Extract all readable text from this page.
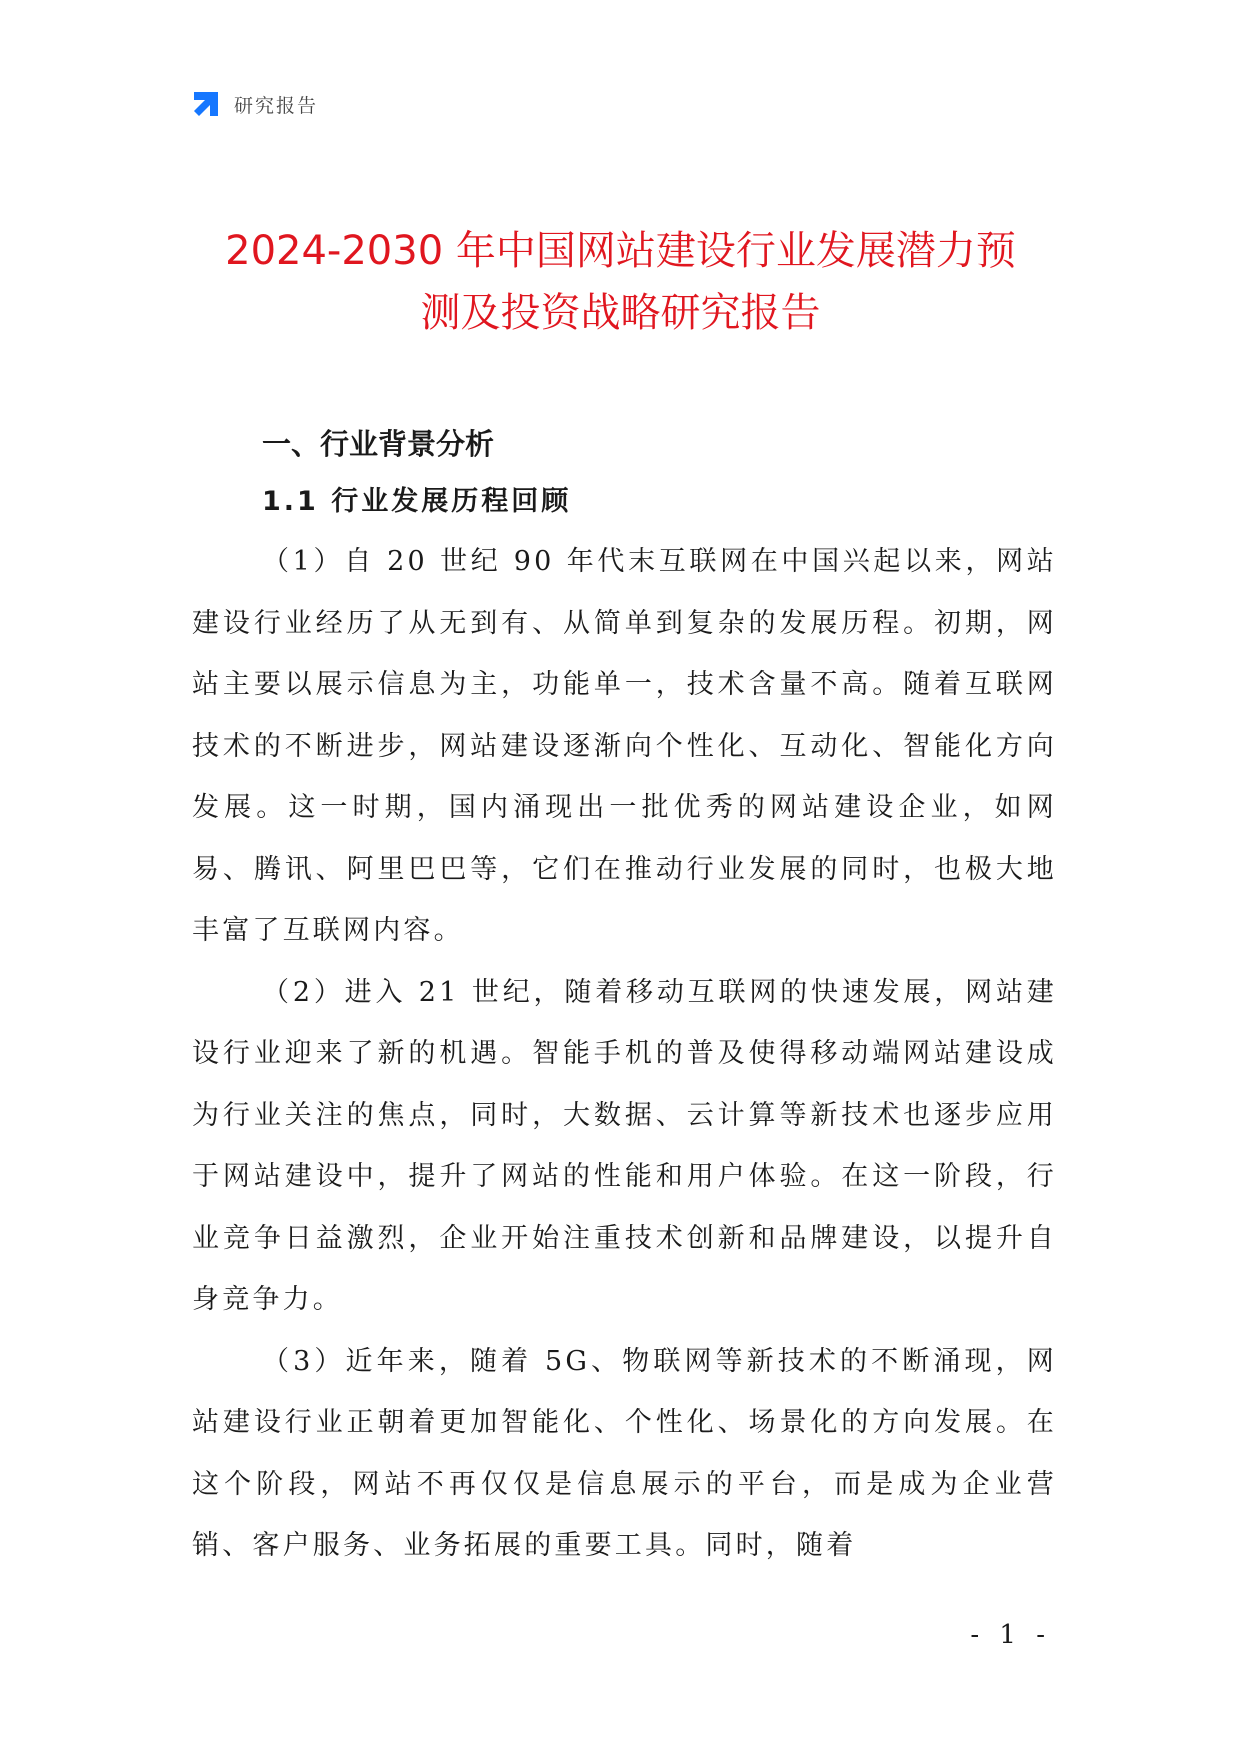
研究报告
2024-2030 年中国网站建设行业发展潜力预
测及投资战略研究报告
一、行业背景分析
1.1 行业发展历程回顾

（1）自 20 世纪 90 年代末互联网在中国兴起以来，网站建设行业经历了从无到有、从简单到复杂的发展历程。初期，网站主要以展示信息为主，功能单一，技术含量不高。随着互联网技术的不断进步，网站建设逐渐向个性化、互动化、智能化方向发展。这一时期，国内涌现出一批优秀的网站建设企业，如网易、腾讯、阿里巴巴等，它们在推动行业发展的同时，也极大地丰富了互联网内容。

（2）进入 21 世纪，随着移动互联网的快速发展，网站建设行业迎来了新的机遇。智能手机的普及使得移动端网站建设成为行业关注的焦点，同时，大数据、云计算等新技术也逐步应用于网站建设中，提升了网站的性能和用户体验。在这一阶段，行业竞争日益激烈，企业开始注重技术创新和品牌建设，以提升自身竞争力。

（3）近年来，随着 5G、物联网等新技术的不断涌现，网站建设行业正朝着更加智能化、个性化、场景化的方向发展。在这个阶段，网站不再仅仅是信息展示的平台，而是成为企业营销、客户服务、业务拓展的重要工具。同时，随着

- 1 -
